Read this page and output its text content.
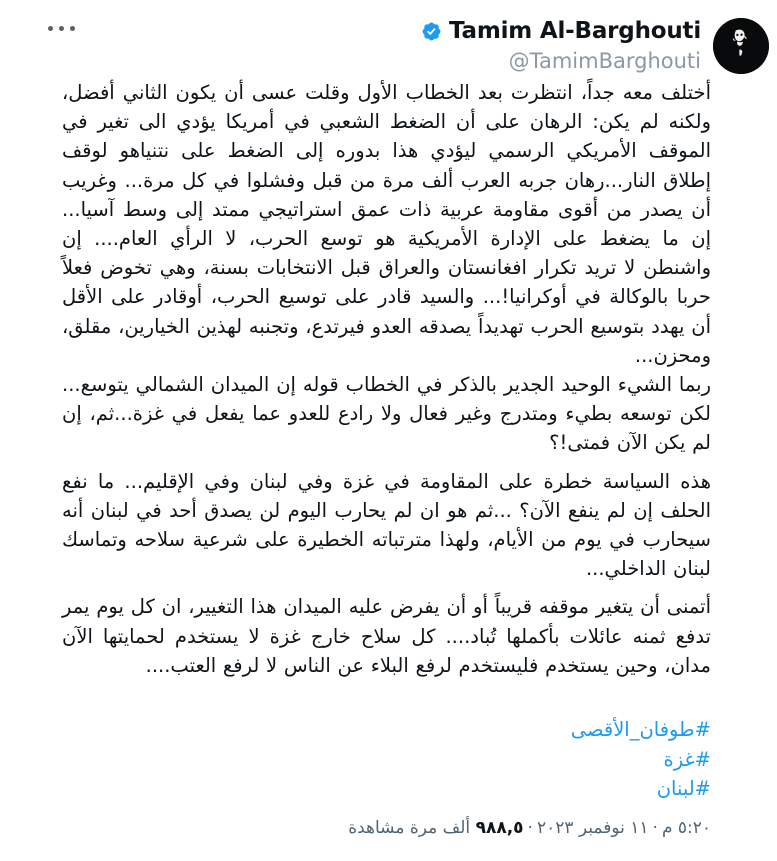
Tamim Al-Barghouti
@TamimBarghouti

أختلف معه جداً، انتظرت بعد الخطاب الأول وقلت عسى أن يكون الثاني أفضل، ولكنه لم يكن: الرهان على أن الضغط الشعبي في أمريكا يؤدي الى تغير في الموقف الأمريكي الرسمي ليؤدي هذا بدوره إلى الضغط على نتنياهو لوقف إطلاق النار...رهان جربه العرب ألف مرة من قبل وفشلوا في كل مرة... وغريب أن يصدر من أقوى مقاومة عربية ذات عمق استراتيجي ممتد إلى وسط آسيا... إن ما يضغط على الإدارة الأمريكية هو توسع الحرب، لا الرأي العام.... إن واشنطن لا تريد تكرار افغانستان والعراق قبل الانتخابات بسنة، وهي تخوض فعلاً حربا بالوكالة في أوكرانيا!... والسيد قادر على توسيع الحرب، أوقادر على الأقل أن يهدد بتوسيع الحرب تهديداً يصدقه العدو فيرتدع، وتجنبه لهذين الخيارين، مقلق، ومحزن...

ربما الشيء الوحيد الجدير بالذكر في الخطاب قوله إن الميدان الشمالي يتوسع... لكن توسعه بطيء ومتدرج وغير فعال ولا رادع للعدو عما يفعل في غزة...ثم، إن لم يكن الآن فمتى!؟

هذه السياسة خطرة على المقاومة في غزة وفي لبنان وفي الإقليم... ما نفع الحلف إن لم ينفع الآن؟ ...ثم هو ان لم يحارب اليوم لن يصدق أحد في لبنان أنه سيحارب في يوم من الأيام، ولهذا مترتباته الخطيرة على شرعية سلاحه وتماسك لبنان الداخلي...

أتمنى أن يتغير موقفه قريباً أو أن يفرض عليه الميدان هذا التغيير، ان كل يوم يمر تدفع ثمنه عائلات بأكملها تُباد.... كل سلاح خارج غزة لا يستخدم لحمايتها الآن مدان، وحين يستخدم فليستخدم لرفع البلاء عن الناس لا لرفع العتب....

#طوفان_الأقصى
#غزة
#لبنان
٥:٢٠ م·١١ نوفمبر ٢٠٢٣·٩٨٨,٥ ألف مرة مشاهدة
